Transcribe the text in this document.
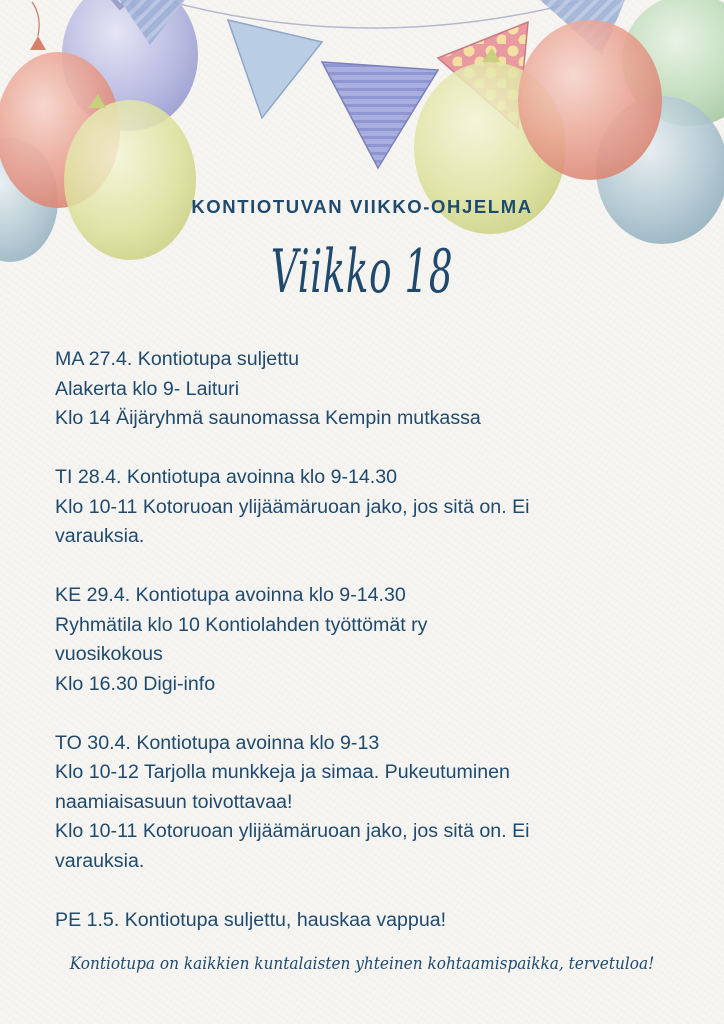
KONTIOTUVAN VIIKKO-OHJELMA
Viikko 18
MA 27.4. Kontiotupa suljettu
Alakerta klo 9- Laituri
Klo 14 Äijäryhmä saunomassa Kempin mutkassa
TI 28.4. Kontiotupa avoinna klo 9-14.30
Klo 10-11 Kotoruoan ylijäämäruoan jako, jos sitä on. Ei
varauksia.
KE 29.4. Kontiotupa avoinna klo 9-14.30
Ryhmätila klo 10 Kontiolahden työttömät ry
vuosikokous
Klo 16.30 Digi-info
TO 30.4. Kontiotupa avoinna klo 9-13
Klo 10-12 Tarjolla munkkeja ja simaa. Pukeutuminen
naamiaisasuun toivottavaa!
Klo 10-11 Kotoruoan ylijäämäruoan jako, jos sitä on. Ei
varauksia.
PE 1.5. Kontiotupa suljettu, hauskaa vappua!
Kontiotupa on kaikkien kuntalaisten yhteinen kohtaamispaikka, tervetuloa!
